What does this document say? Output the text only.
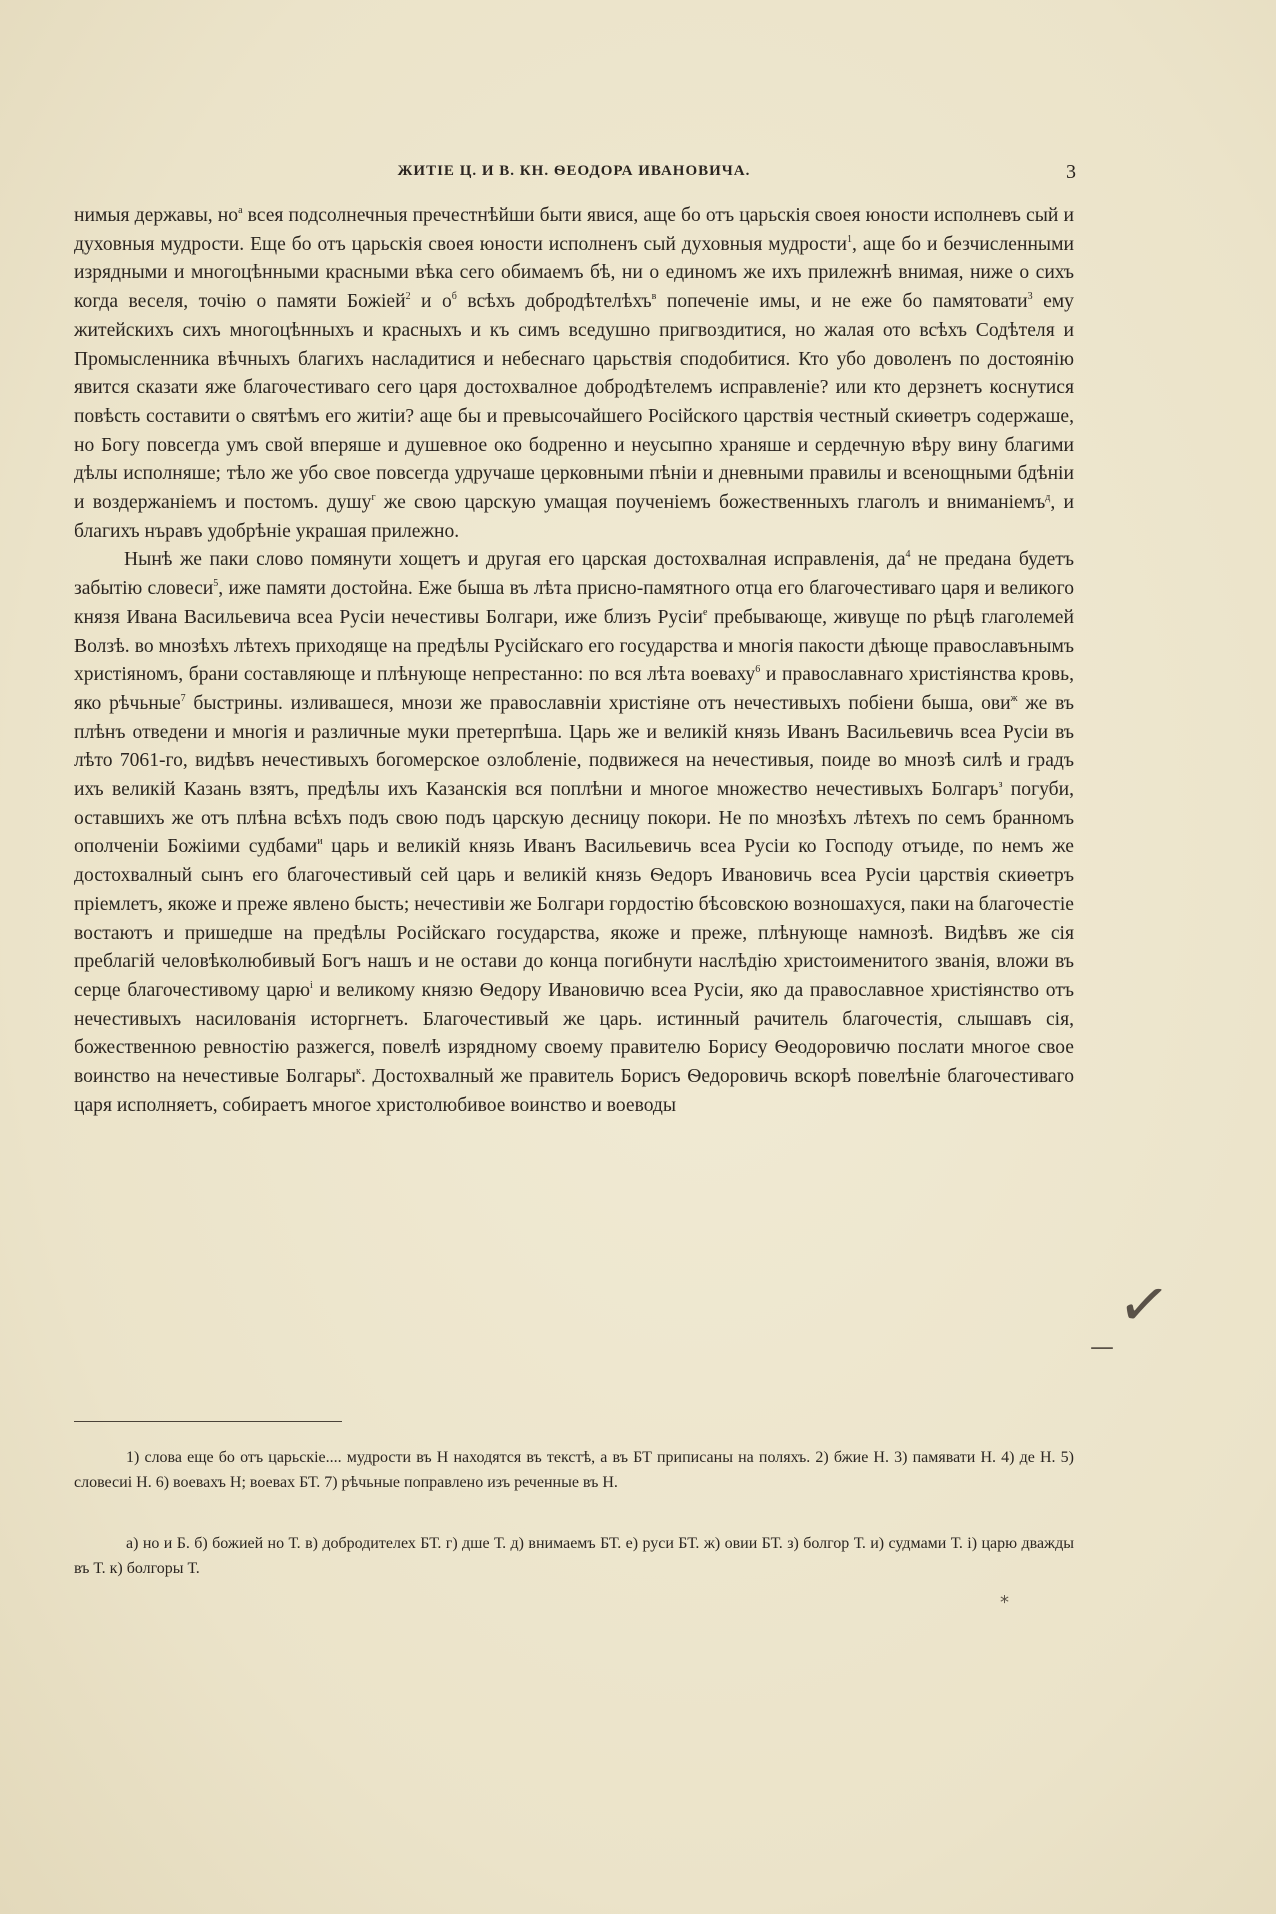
ЖИТІЕ Ц. И В. КН. ѲЕОДОРА ИВАНОВИЧА.	3

нимыя державы, $но^а$ всея подсолнечныя пречестнѣйши быти явися, аще бо отъ царьскія своея юности исполневъ сый и духовныя мудрости. Еще бо отъ царьскія своея юности исполненъ сый духовныя мудрости$^1$, аще бо и безчисленными изрядными и многоцѣнными красными вѣка сего обимаемъ бѣ, ни о единомъ же ихъ прилежнѣ внимая, ниже о сихъ когда веселя, точію о памяти Божіей$^2$ и $о^б$ всѣхъ добродѣтелѣхъ$^в$ попеченіе имы, и не еже бо памятовати$^3$ ему житейскихъ сихъ многоцѣнныхъ и красныхъ и къ симъ вседушно пригвоздитися, но жалая ото всѣхъ Содѣтеля и Промысленника вѣчныхъ благихъ насладитися и небеснаго царьствія сподобитися. Кто убо доволенъ по достоянію явится сказати яже благочестиваго сего царя достохвалное добродѣтелемъ исправленіе? или кто дерзнетъ коснутися повѣсть составити о святѣмъ его житіи? аще бы и превысочайшего Російского царствія честный скиѳетръ содержаше, но Богу повсегда умъ свой вперяше и душевное око бодренно и неусыпно храняше и сердечную вѣру вину благими дѣлы исполняше; тѣло же убо свое повсегда удручаше церковными пѣніи и дневными правилы и всенощными бдѣніи и воздержаніемъ и постомъ. душу$^г$ же свою царскую умащая поученіемъ божественныхъ глаголъ и вниманіемъ$^д$, и благихъ нъравъ удобрѣніе украшая прилежно.

Нынѣ же паки слово помянути хощетъ и другая его царская достохвалная исправленія, $да^4$ не предана будетъ забытію словеси$^5$, иже памяти достойна. Еже быша въ лѣта присно-памятного отца его благочестиваго царя и великого князя Ивана Васильевича всеа Русіи нечестивы Болгари, иже близъ Русіи$^е$ пребывающе, живуще по рѣцѣ глаголемей Волзѣ. во мнозѣхъ лѣтехъ приходяще на предѣлы Русійскаго его государства и многія пакости дѣюще православънымъ христіяномъ, брани составляюще и плѣнующе непрестанно: по вся лѣта воеваху$^6$ и православнаго христіянства кровь, яко рѣчьные$^7$ быстрины. изливашеся, мнози же православніи христіяне отъ нечестивыхъ побіени быша, ови$^ж$ же въ плѣнъ отведени и многія и различные муки претерпѣша. Царь же и великій князь Иванъ Васильевичь всеа Русіи въ лѣто 7061-го, видѣвъ нечестивыхъ богомерское озлобленіе, подвижеся на нечестивыя, поиде во мнозѣ силѣ и градъ ихъ великій Казань взятъ, предѣлы ихъ Казанскія вся поплѣни и многое множество нечестивыхъ Болгаръ$^з$ погуби, оставшихъ же отъ плѣна всѣхъ подъ свою подъ царскую десницу покори. Не по мнозѣхъ лѣтехъ по семъ бранномъ ополченіи Божіими судбами$^и$ царь и великій князь Иванъ Васильевичь всеа Русіи ко Господу отъиде, по немъ же достохвалный сынъ его благочестивый сей царь и великій князь Ѳедоръ Ивановичь всеа Русіи царствія скиѳетръ пріемлетъ, якоже и преже явлено бысть; нечестивіи же Болгари гордостію бѣсовскою возношахуся, паки на благочестіе востаютъ и пришедше на предѣлы Російскаго государства, якоже и преже, плѣнующе намнозѣ. Видѣвъ же сія преблагій человѣколюбивый Богъ нашъ и не остави до конца погибнути наслѣдію христоименитого званія, вложи въ серце благочестивому царю$^і$ и великому князю Ѳедору Ивановичю всеа Русіи, яко да православное христіянство отъ нечестивыхъ насилованія исторгнетъ. Благочестивый же царь. истинный рачитель благочестія, слышавъ сія, божественною ревностію разжегся, повелѣ изрядному своему правителю Борису Ѳеодоровичю послати многое свое воинство на нечестивые Болгары$^к$. Достохвалный же правитель Борисъ Ѳедоровичь вскорѣ повелѣніе благочестиваго царя исполняетъ, собираетъ многое христолюбивое воинство и воеводы

1) слова еще бо отъ царьскіе.... мудрости въ Н находятся въ текстѣ, а въ БТ приписаны на поляхъ. 2) бжие Н. 3) памявати Н. 4) де Н. 5) словесиі Н. 6) воевахъ Н; воевах БТ. 7) рѣчьные поправлено изъ реченные въ Н.

а) но и Б. б) божией но Т. в) добродителех БТ. г) дше Т. д) внимаемъ БТ. е) руси БТ. ж) овии БТ. з) болгор Т. и) судмами Т. і) царю дважды въ Т. к) болгоры Т.

✓
—
*
